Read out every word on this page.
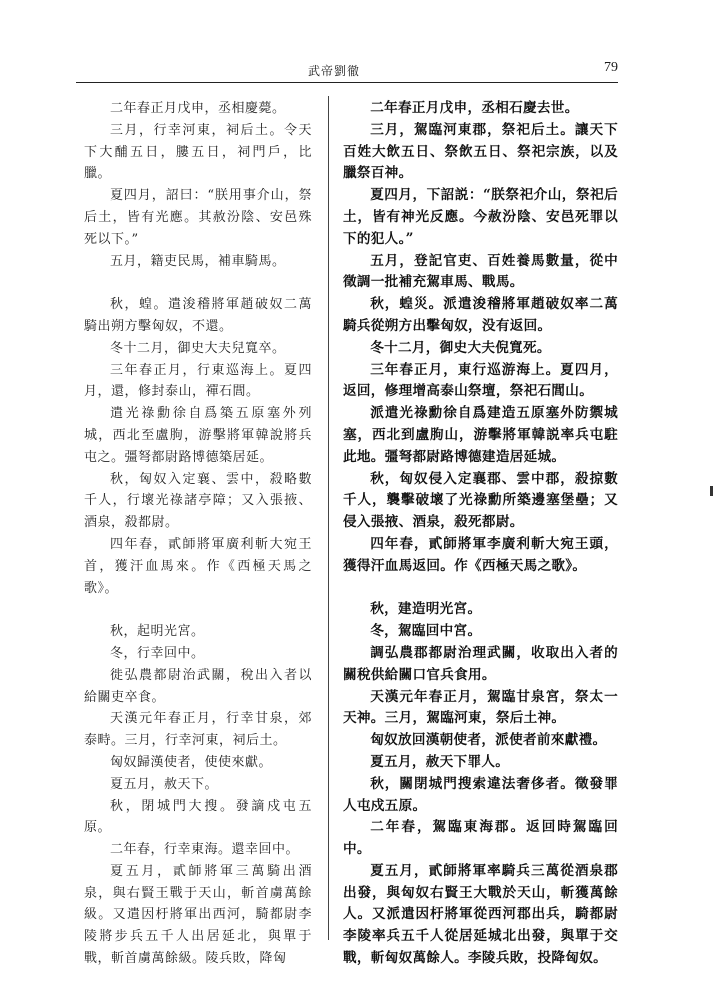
武帝劉徹	79

二年春正月戊申，丞相慶薨。

三月，行幸河東，祠后土。令天下大酺五日，膢五日，祠門戶，比臘。

夏四月，詔曰：“朕用事介山，祭后土，皆有光應。其赦汾陰、安邑殊死以下。”

五月，籍吏民馬，補車騎馬。

秋，蝗。遣浚稽將軍趙破奴二萬騎出朔方擊匈奴，不還。

冬十二月，御史大夫兒寬卒。

三年春正月，行東巡海上。夏四月，還，修封泰山，禪石閭。

遣光祿勳徐自爲築五原塞外列城，西北至盧朐，游擊將軍韓說將兵屯之。彊弩都尉路博德築居延。

秋，匈奴入定襄、雲中，殺略數千人，行壞光祿諸亭障；又入張掖、酒泉，殺都尉。

四年春，貳師將軍廣利斬大宛王首，獲汗血馬來。作《西極天馬之歌》。

秋，起明光宮。

冬，行幸回中。

徙弘農都尉治武關，稅出入者以給關吏卒食。

天漢元年春正月，行幸甘泉，郊泰畤。三月，行幸河東，祠后土。

匈奴歸漢使者，使使來獻。

夏五月，赦天下。

秋，閉城門大搜。發謫戍屯五原。

二年春，行幸東海。還幸回中。

夏五月，貳師將軍三萬騎出酒泉，與右賢王戰于天山，斬首虜萬餘級。又遣因杅將軍出西河，騎都尉李陵將步兵五千人出居延北，與單于戰，斬首虜萬餘級。陵兵敗，降匈

二年春正月戊申，丞相石慶去世。

三月，駕臨河東郡，祭祀后土。讓天下百姓大飲五日、祭飲五日、祭祀宗族，以及臘祭百神。

夏四月，下詔説：“朕祭祀介山，祭祀后土，皆有神光反應。今赦汾陰、安邑死罪以下的犯人。”

五月，登記官吏、百姓養馬數量，從中徵調一批補充駕車馬、戰馬。

秋，蝗災。派遣浚稽將軍趙破奴率二萬騎兵從朔方出擊匈奴，没有返回。

冬十二月，御史大夫倪寬死。

三年春正月，東行巡游海上。夏四月，返回，修理增高泰山祭壇，祭祀石閭山。

派遣光祿勳徐自爲建造五原塞外防禦城塞，西北到盧朐山，游擊將軍韓説率兵屯駐此地。彊弩都尉路博德建造居延城。

秋，匈奴侵入定襄郡、雲中郡，殺掠數千人，襲擊破壞了光祿勳所築邊塞堡壘；又侵入張掖、酒泉，殺死都尉。

四年春，貳師將軍李廣利斬大宛王頭，獲得汗血馬返回。作《西極天馬之歌》。

秋，建造明光宮。

冬，駕臨回中宮。

調弘農郡都尉治理武關，收取出入者的關稅供給關口官兵食用。

天漢元年春正月，駕臨甘泉宮，祭太一天神。三月，駕臨河東，祭后土神。

匈奴放回漢朝使者，派使者前來獻禮。

夏五月，赦天下罪人。

秋，關閉城門搜索違法奢侈者。徵發罪人屯戍五原。

二年春，駕臨東海郡。返回時駕臨回中。

夏五月，貳師將軍率騎兵三萬從酒泉郡出發，與匈奴右賢王大戰於天山，斬獲萬餘人。又派遣因杅將軍從西河郡出兵，騎都尉李陵率兵五千人從居延城北出發，與單于交戰，斬匈奴萬餘人。李陵兵敗，投降匈奴。
